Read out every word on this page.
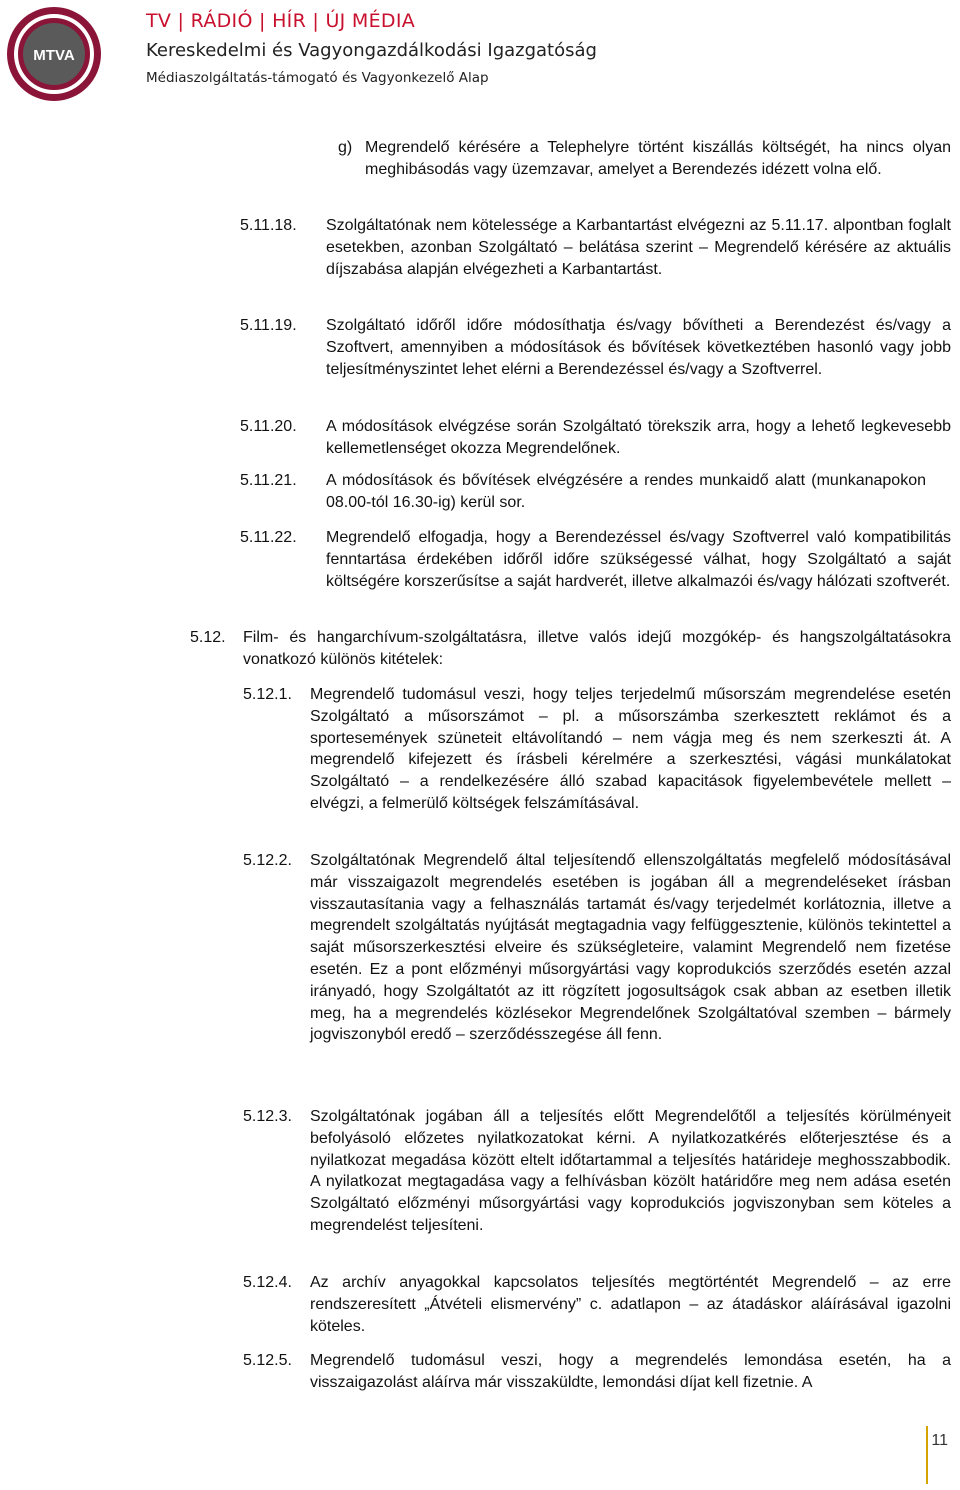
MTVA
TV | RÁDIÓ | HÍR | ÚJ MÉDIA
Kereskedelmi és Vagyongazdálkodási Igazgatóság
Médiaszolgáltatás-támogató és Vagyonkezelő Alap
g) Megrendelő kérésére a Telephelyre történt kiszállás költségét, ha nincs olyan meghibásodás vagy üzemzavar, amelyet a Berendezés idézett volna elő.
5.11.18. Szolgáltatónak nem kötelessége a Karbantartást elvégezni az 5.11.17. alpontban foglalt esetekben, azonban Szolgáltató – belátása szerint – Megrendelő kérésére az aktuális díjszabása alapján elvégezheti a Karbantartást.
5.11.19. Szolgáltató időről időre módosíthatja és/vagy bővítheti a Berendezést és/vagy a Szoftvert, amennyiben a módosítások és bővítések következtében hasonló vagy jobb teljesítményszintet lehet elérni a Berendezéssel és/vagy a Szoftverrel.
5.11.20. A módosítások elvégzése során Szolgáltató törekszik arra, hogy a lehető legkevesebb kellemetlenséget okozza Megrendelőnek.
5.11.21. A módosítások és bővítések elvégzésére a rendes munkaidő alatt (munkanapokon 08.00-tól 16.30-ig) kerül sor.
5.11.22. Megrendelő elfogadja, hogy a Berendezéssel és/vagy Szoftverrel való kompatibilitás fenntartása érdekében időről időre szükségessé válhat, hogy Szolgáltató a saját költségére korszerűsítse a saját hardverét, illetve alkalmazói és/vagy hálózati szoftverét.
5.12. Film- és hangarchívum-szolgáltatásra, illetve valós idejű mozgókép- és hangszolgáltatásokra vonatkozó különös kitételek:
5.12.1. Megrendelő tudomásul veszi, hogy teljes terjedelmű műsorszám megrendelése esetén Szolgáltató a műsorszámot – pl. a műsorszámba szerkesztett reklámot és a sportesemények szüneteit eltávolítandó – nem vágja meg és nem szerkeszti át. A megrendelő kifejezett és írásbeli kérelmére a szerkesztési, vágási munkálatokat Szolgáltató – a rendelkezésére álló szabad kapacitások figyelembevétele mellett – elvégzi, a felmerülő költségek felszámításával.
5.12.2. Szolgáltatónak Megrendelő által teljesítendő ellenszolgáltatás megfelelő módosításával már visszaigazolt megrendelés esetében is jogában áll a megrendeléseket írásban visszautasítania vagy a felhasználás tartamát és/vagy terjedelmét korlátoznia, illetve a megrendelt szolgáltatás nyújtását megtagadnia vagy felfüggesztenie, különös tekintettel a saját műsorszerkesztési elveire és szükségleteire, valamint Megrendelő nem fizetése esetén. Ez a pont előzményi műsorgyártási vagy koprodukciós szerződés esetén azzal irányadó, hogy Szolgáltatót az itt rögzített jogosultságok csak abban az esetben illetik meg, ha a megrendelés közlésekor Megrendelőnek Szolgáltatóval szemben – bármely jogviszonyból eredő – szerződésszegése áll fenn.
5.12.3. Szolgáltatónak jogában áll a teljesítés előtt Megrendelőtől a teljesítés körülményeit befolyásoló előzetes nyilatkozatokat kérni. A nyilatkozatkérés előterjesztése és a nyilatkozat megadása között eltelt időtartammal a teljesítés határideje meghosszabbodik. A nyilatkozat megtagadása vagy a felhívásban közölt határidőre meg nem adása esetén Szolgáltató előzményi műsorgyártási vagy koprodukciós jogviszonyban sem köteles a megrendelést teljesíteni.
5.12.4. Az archív anyagokkal kapcsolatos teljesítés megtörténtét Megrendelő – az erre rendszeresített „Átvételi elismervény” c. adatlapon – az átadáskor aláírásával igazolni köteles.
5.12.5. Megrendelő tudomásul veszi, hogy a megrendelés lemondása esetén, ha a visszaigazolást aláírva már visszaküldte, lemondási díjat kell fizetnie. A
11
